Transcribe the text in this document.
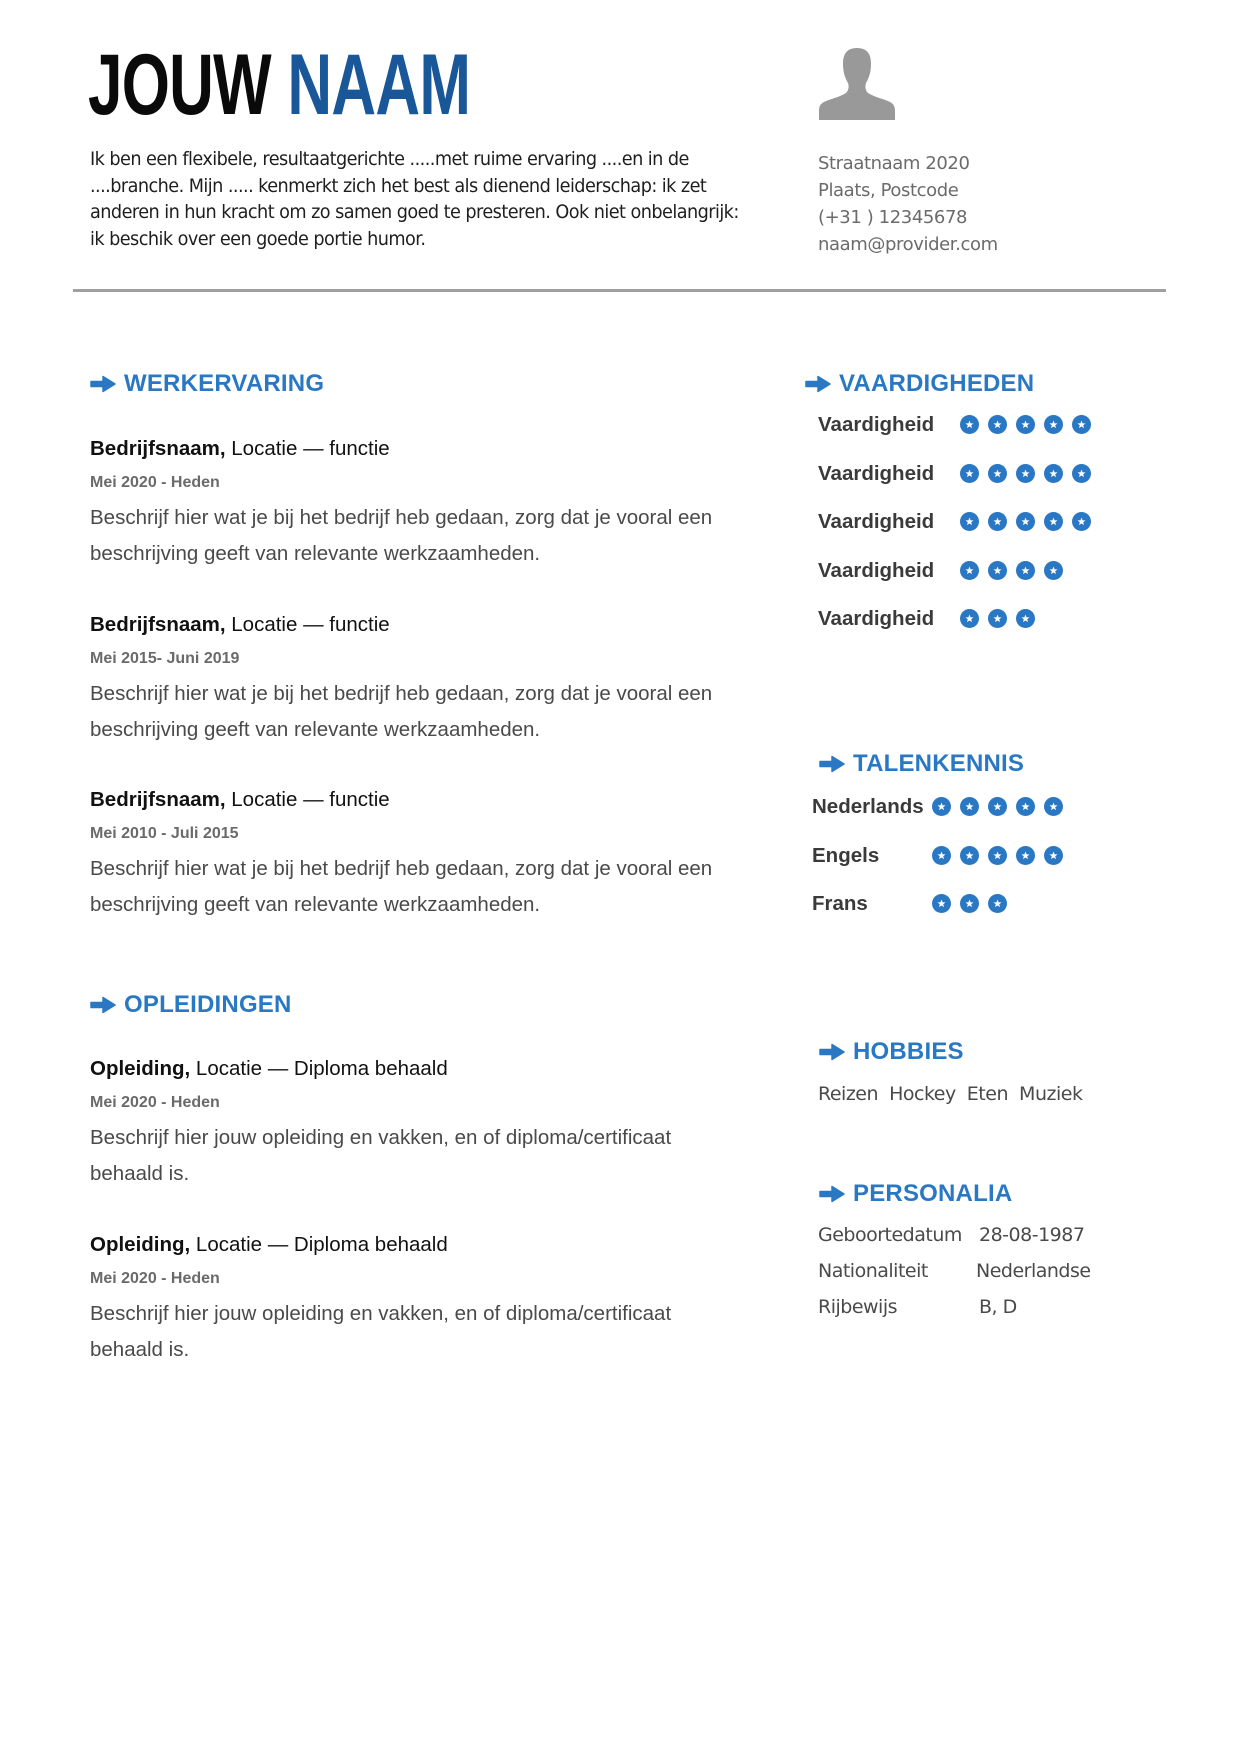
JOUW NAAM
Ik ben een flexibele, resultaatgerichte .....met ruime ervaring ....en in de ....branche. Mijn ..... kenmerkt zich het best als dienend leiderschap: ik zet anderen in hun kracht om zo samen goed te presteren. Ook niet onbelangrijk: ik beschik over een goede portie humor.
Straatnaam 2020
Plaats, Postcode
(+31 ) 12345678
naam@provider.com
WERKERVARING
Bedrijfsnaam, Locatie — functie
Mei 2020 - Heden
Beschrijf hier wat je bij het bedrijf heb gedaan, zorg dat je vooral een beschrijving geeft van relevante werkzaamheden.
Bedrijfsnaam, Locatie — functie
Mei 2015- Juni 2019
Beschrijf hier wat je bij het bedrijf heb gedaan, zorg dat je vooral een beschrijving geeft van relevante werkzaamheden.
Bedrijfsnaam, Locatie — functie
Mei 2010 - Juli 2015
Beschrijf hier wat je bij het bedrijf heb gedaan, zorg dat je vooral een beschrijving geeft van relevante werkzaamheden.
OPLEIDINGEN
Opleiding, Locatie — Diploma behaald
Mei 2020 - Heden
Beschrijf hier jouw opleiding en vakken, en of diploma/certificaat behaald is.
Opleiding, Locatie — Diploma behaald
Mei 2020 - Heden
Beschrijf hier jouw opleiding en vakken, en of diploma/certificaat behaald is.
VAARDIGHEDEN
Vaardigheid
Vaardigheid
Vaardigheid
Vaardigheid
Vaardigheid
TALENKENNIS
Nederlands
Engels
Frans
HOBBIES
Reizen  Hockey  Eten  Muziek
PERSONALIA
Geboortedatum 28-08-1987
Nationaliteit	Nederlandse
Rijbewijs	B, D
